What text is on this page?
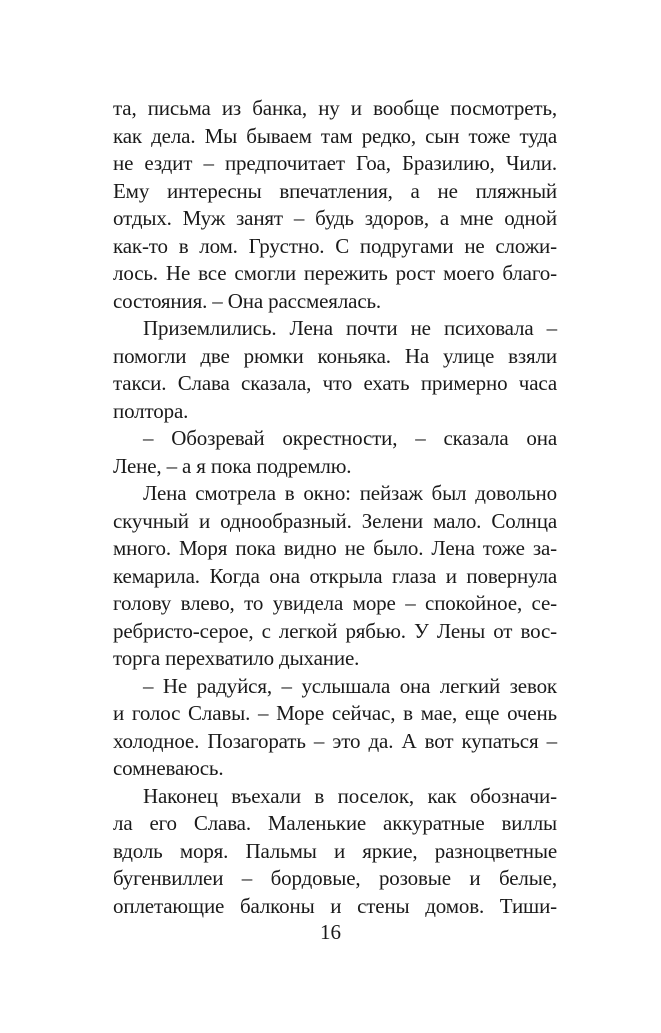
та, письма из банка, ну и вообще посмотреть,
как дела. Мы бываем там редко, сын тоже туда
не ездит – предпочитает Гоа, Бразилию, Чили.
Ему интересны впечатления, а не пляжный
отдых. Муж занят – будь здоров, а мне одной
как-то в лом. Грустно. С подругами не сложи-
лось. Не все смогли пережить рост моего благо-
состояния. – Она рассмеялась.
Приземлились. Лена почти не психовала –
помогли две рюмки коньяка. На улице взяли
такси. Слава сказала, что ехать примерно часа
полтора.
– Обозревай окрестности, – сказала она
Лене, – а я пока подремлю.
Лена смотрела в окно: пейзаж был довольно
скучный и однообразный. Зелени мало. Солнца
много. Моря пока видно не было. Лена тоже за-
кемарила. Когда она открыла глаза и повернула
голову влево, то увидела море – спокойное, се-
ребристо-серое, с легкой рябью. У Лены от вос-
торга перехватило дыхание.
– Не радуйся, – услышала она легкий зевок
и голос Славы. – Море сейчас, в мае, еще очень
холодное. Позагорать – это да. А вот купаться –
сомневаюсь.
Наконец въехали в поселок, как обозначи-
ла его Слава. Маленькие аккуратные виллы
вдоль моря. Пальмы и яркие, разноцветные
бугенвиллеи – бордовые, розовые и белые,
оплетающие балконы и стены домов. Тиши-
16
